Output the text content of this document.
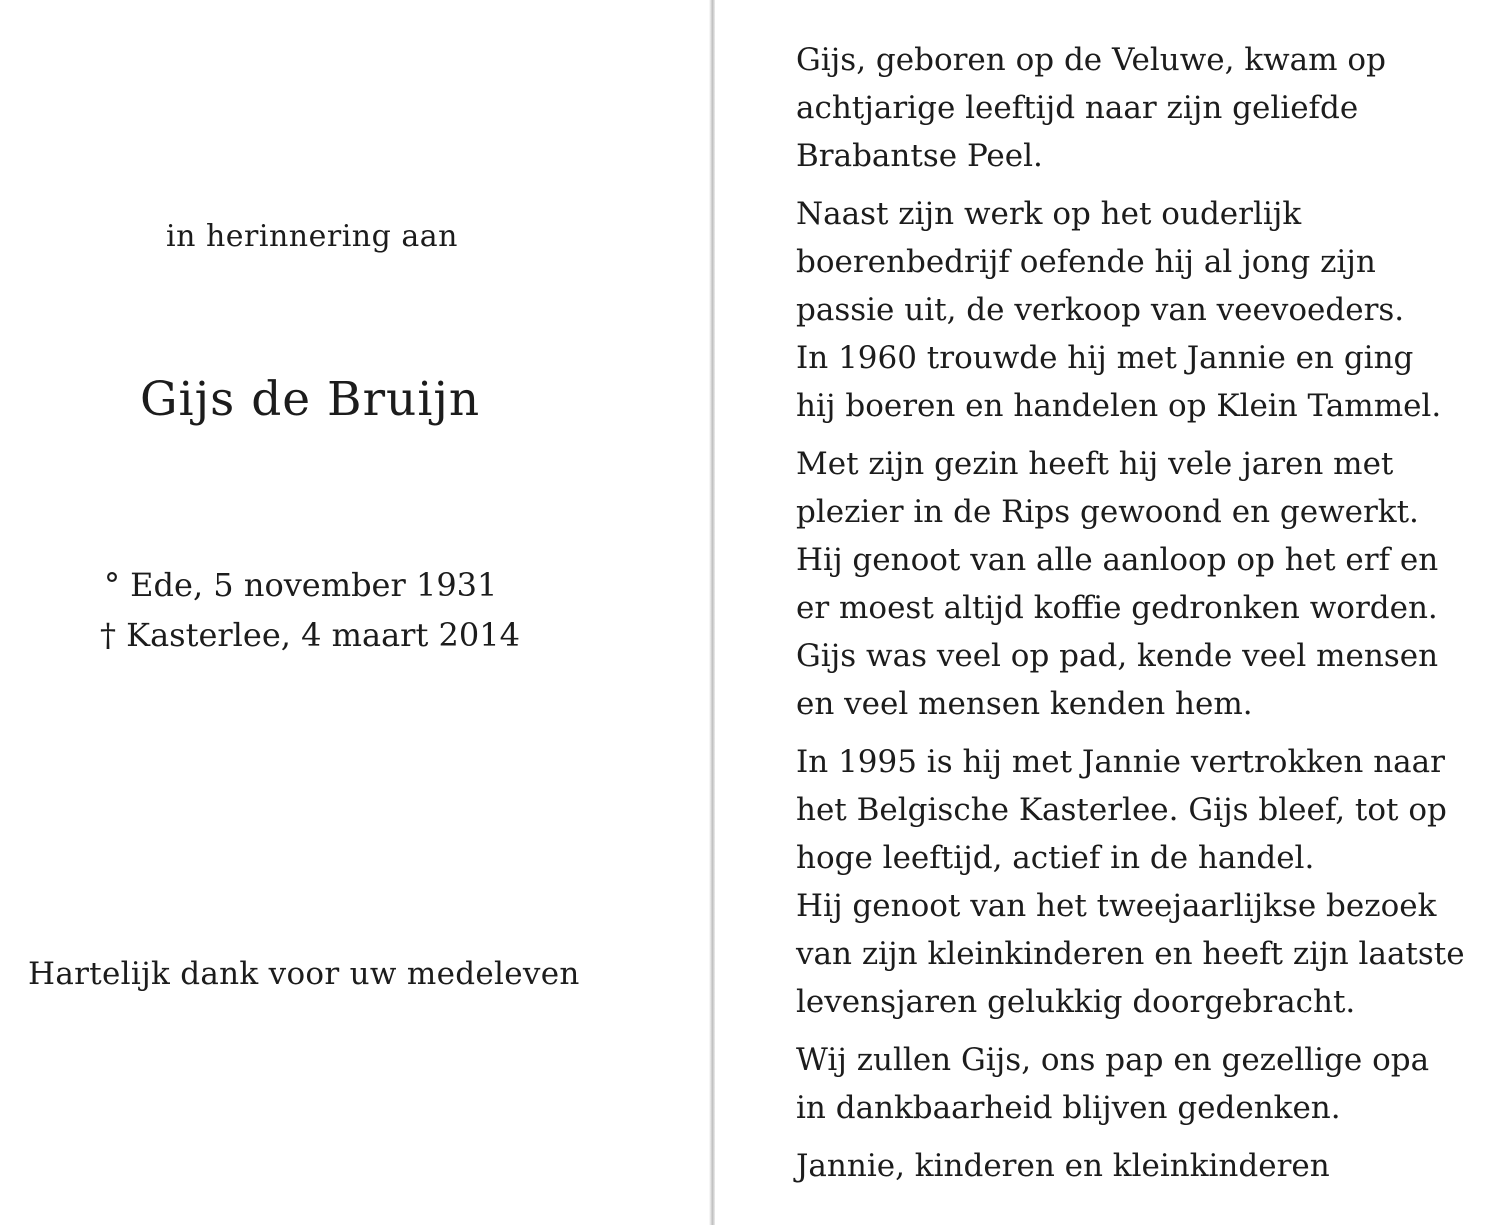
in herinnering aan
Gijs de Bruijn
° Ede, 5 november 1931
† Kasterlee, 4 maart 2014
Hartelijk dank voor uw medeleven
Gijs, geboren op de Veluwe, kwam op
achtjarige leeftijd naar zijn geliefde
Brabantse Peel.
Naast zijn werk op het ouderlijk
boerenbedrijf oefende hij al jong zijn
passie uit, de verkoop van veevoeders.
In 1960 trouwde hij met Jannie en ging
hij boeren en handelen op Klein Tammel.
Met zijn gezin heeft hij vele jaren met
plezier in de Rips gewoond en gewerkt.
Hij genoot van alle aanloop op het erf en
er moest altijd koffie gedronken worden.
Gijs was veel op pad, kende veel mensen
en veel mensen kenden hem.
In 1995 is hij met Jannie vertrokken naar
het Belgische Kasterlee. Gijs bleef, tot op
hoge leeftijd, actief in de handel.
Hij genoot van het tweejaarlijkse bezoek
van zijn kleinkinderen en heeft zijn laatste
levensjaren gelukkig doorgebracht.
Wij zullen Gijs, ons pap en gezellige opa
in dankbaarheid blijven gedenken.
Jannie, kinderen en kleinkinderen
